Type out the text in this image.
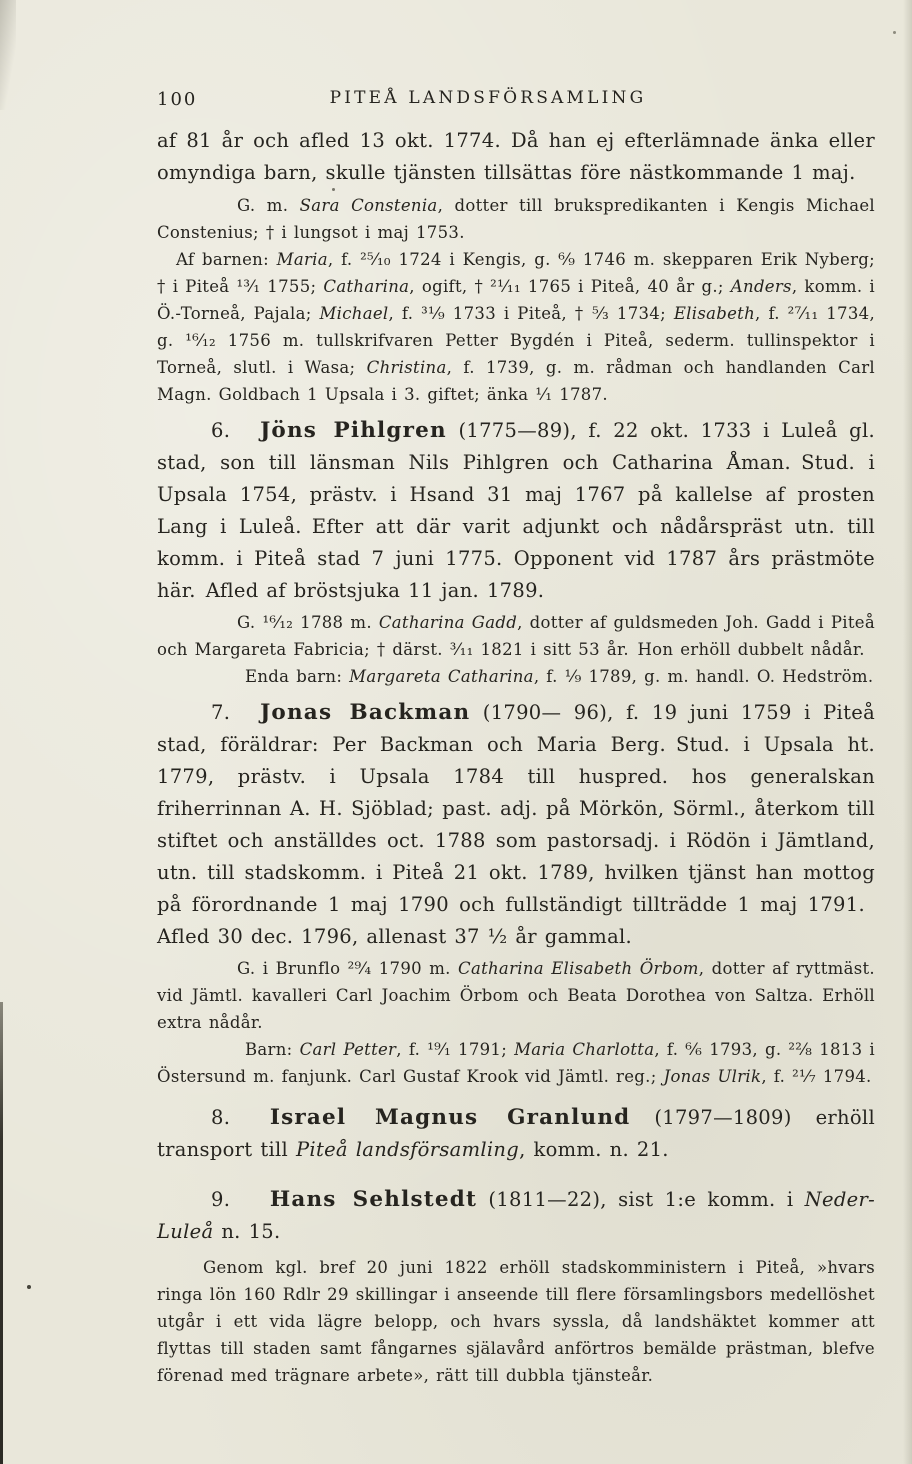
100	PITEÅ LANDSFÖRSAMLING

af 81 år och afled 13 okt. 1774. Då han ej efterlämnade änka eller omyndiga barn, skulle tjänsten tillsättas före nästkommande 1 maj.

G. m. Sara Constenia, dotter till brukspredikanten i Kengis Michael Constenius; † i lungsot i maj 1753.

Af barnen: Maria, f. ²⁵⁄₁₀ 1724 i Kengis, g. ⁶⁄₉ 1746 m. skepparen Erik Nyberg; † i Piteå ¹³⁄₁ 1755; Catharina, ogift, † ²¹⁄₁₁ 1765 i Piteå, 40 år g.; Anders, komm. i Ö.-Torneå, Pajala; Michael, f. ³¹⁄₉ 1733 i Piteå, † ⁵⁄₃ 1734; Elisabeth, f. ²⁷⁄₁₁ 1734, g. ¹⁶⁄₁₂ 1756 m. tullskrifvaren Petter Bygdén i Piteå, sederm. tullinspektor i Torneå, slutl. i Wasa; Christina, f. 1739, g. m. rådman och handlanden Carl Magn. Goldbach 1 Upsala i 3. giftet; änka ¹⁄₁ 1787.

6.  Jöns Pihlgren (1775—89), f. 22 okt. 1733 i Luleå gl. stad, son till länsman Nils Pihlgren och Catharina Åman. Stud. i Upsala 1754, prästv. i Hsand 31 maj 1767 på kallelse af prosten Lang i Luleå. Efter att där varit adjunkt och nådårspräst utn. till komm. i Piteå stad 7 juni 1775. Opponent vid 1787 års prästmöte här. Afled af bröstsjuka 11 jan. 1789.

G. ¹⁶⁄₁₂ 1788 m. Catharina Gadd, dotter af guldsmeden Joh. Gadd i Piteå och Margareta Fabricia; † därst. ³⁄₁₁ 1821 i sitt 53 år. Hon erhöll dubbelt nådår.

Enda barn: Margareta Catharina, f. ¹⁄₉ 1789, g. m. handl. O. Hedström.

7.  Jonas Backman (1790— 96), f. 19 juni 1759 i Piteå stad, föräldrar: Per Backman och Maria Berg. Stud. i Upsala ht. 1779, prästv. i Upsala 1784 till huspred. hos generalskan friherrinnan A. H. Sjöblad; past. adj. på Mörkön, Sörml., återkom till stiftet och anställdes oct. 1788 som pastorsadj. i Rödön i Jämtland, utn. till stadskomm. i Piteå 21 okt. 1789, hvilken tjänst han mottog på förordnande 1 maj 1790 och fullständigt tillträdde 1 maj 1791. Afled 30 dec. 1796, allenast 37 ¹⁄₂ år gammal.

G. i Brunflo ²⁹⁄₄ 1790 m. Catharina Elisabeth Örbom, dotter af ryttmäst. vid Jämtl. kavalleri Carl Joachim Örbom och Beata Dorothea von Saltza. Erhöll extra nådår.

Barn: Carl Petter, f. ¹⁹⁄₁ 1791; Maria Charlotta, f. ⁶⁄₆ 1793, g. ²²⁄₈ 1813 i Östersund m. fanjunk. Carl Gustaf Krook vid Jämtl. reg.; Jonas Ulrik, f. ²¹⁄₇ 1794.

8.  Israel Magnus Granlund (1797—1809) erhöll transport till Piteå landsförsamling, komm. n. 21.

9.  Hans Sehlstedt (1811—22), sist 1:e komm. i Neder-Luleå n. 15.

Genom kgl. bref 20 juni 1822 erhöll stadskomministern i Piteå, »hvars ringa lön 160 Rdlr 29 skillingar i anseende till flere församlingsbors medellöshet utgår i ett vida lägre belopp, och hvars syssla, då landshäktet kommer att flyttas till staden samt fångarnes själavård anförtros bemälde prästman, blefve förenad med trägnare arbete», rätt till dubbla tjänsteår.
